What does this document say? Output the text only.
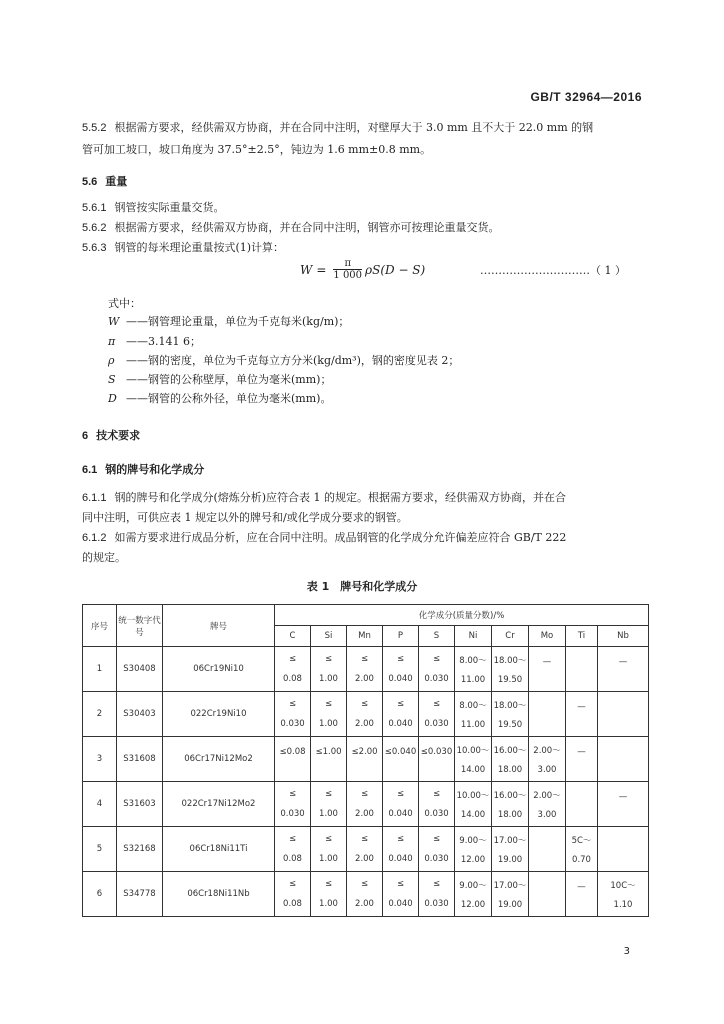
GB/T 32964—2016
5.5.2 根据需方要求，经供需双方协商，并在合同中注明，对壁厚大于 3.0 mm 且不大于 22.0 mm 的钢
管可加工坡口，坡口角度为 37.5°±2.5°，钝边为 1.6 mm±0.8 mm。
5.6 重量
5.6.1 钢管按实际重量交货。
5.6.2 根据需方要求，经供需双方协商，并在合同中注明，钢管亦可按理论重量交货。
5.6.3 钢管的每米理论重量按式(1)计算：
$W = \frac{\pi}{1 000} \rho S(D - S)$	…………………………（ 1 ）
式中：
W ——钢管理论重量，单位为千克每米(kg/m)；
π ——3.141 6；
ρ ——钢的密度，单位为千克每立方分米(kg/dm³)，钢的密度见表 2；
S ——钢管的公称壁厚，单位为毫米(mm)；
D ——钢管的公称外径，单位为毫米(mm)。
6 技术要求
6.1 钢的牌号和化学成分
6.1.1 钢的牌号和化学成分(熔炼分析)应符合表 1 的规定。根据需方要求，经供需双方协商，并在合
同中注明，可供应表 1 规定以外的牌号和/或化学成分要求的钢管。
6.1.2 如需方要求进行成品分析，应在合同中注明。成品钢管的化学成分允许偏差应符合 GB/T 222
的规定。
表 1　牌号和化学成分
序号	统一数字代号	牌号	化学成分(质量分数)/%									
			C	Si	Mn	P	S	Ni	Cr	Mo	Ti	Nb
1	S30408	06Cr19Ni10	≤
0.08	≤
1.00	≤
2.00	≤
0.040	≤
0.030	8.00～
11.00	18.00～
19.50	—		—

2	S30403	022Cr19Ni10	≤
0.030	≤
1.00	≤
2.00	≤
0.040	≤
0.030	8.00～
11.00	18.00～
19.50		—	

3	S31608	06Cr17Ni12Mo2	≤0.08	≤1.00	≤2.00	≤0.040	≤0.030	10.00～
14.00	16.00～
18.00	2.00～
3.00	—	

4	S31603	022Cr17Ni12Mo2	≤
0.030	≤
1.00	≤
2.00	≤
0.040	≤
0.030	10.00～
14.00	16.00～
18.00	2.00～
3.00		—

5	S32168	06Cr18Ni11Ti	≤
0.08	≤
1.00	≤
2.00	≤
0.040	≤
0.030	9.00～
12.00	17.00～
19.00		5C～
0.70	

6	S34778	06Cr18Ni11Nb	≤
0.08	≤
1.00	≤
2.00	≤
0.040	≤
0.030	9.00～
12.00	17.00～
19.00		—	10C～
1.10
3
